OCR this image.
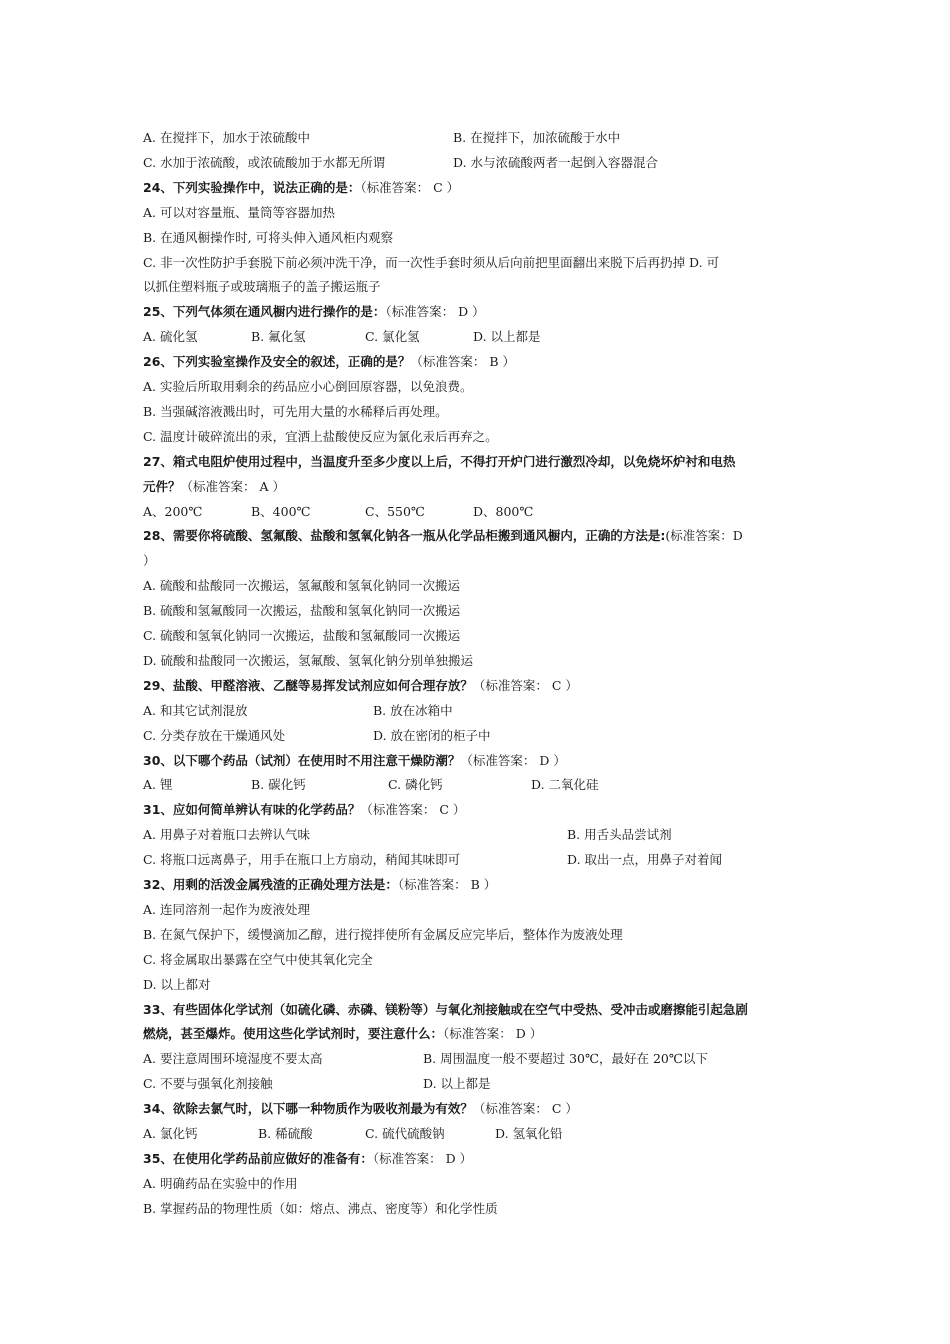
A. 在搅拌下，加水于浓硫酸中	B. 在搅拌下，加浓硫酸于水中
C. 水加于浓硫酸，或浓硫酸加于水都无所谓	D. 水与浓硫酸两者一起倒入容器混合
24、下列实验操作中，说法正确的是：（标准答案： C ）
A. 可以对容量瓶、量筒等容器加热
B. 在通风橱操作时, 可将头伸入通风柜内观察
C. 非一次性防护手套脱下前必须冲洗干净，而一次性手套时须从后向前把里面翻出来脱下后再扔掉 D. 可
以抓住塑料瓶子或玻璃瓶子的盖子搬运瓶子
25、下列气体须在通风橱内进行操作的是：（标准答案： D ）
A. 硫化氢	B. 氟化氢	C. 氯化氢	D. 以上都是
26、下列实验室操作及安全的叙述，正确的是？（标准答案： B ）
A. 实验后所取用剩余的药品应小心倒回原容器，以免浪费。
B. 当强碱溶液溅出时，可先用大量的水稀释后再处理。
C. 温度计破碎流出的汞，宜洒上盐酸使反应为氯化汞后再弃之。
27、箱式电阻炉使用过程中，当温度升至多少度以上后，不得打开炉门进行激烈冷却，以免烧坏炉衬和电热
元件？（标准答案： A ）
A、200℃	B、400℃	C、550℃	D、800℃
28、需要你将硫酸、氢氟酸、盐酸和氢氧化钠各一瓶从化学品柜搬到通风橱内，正确的方法是:(标准答案：D
）
A. 硫酸和盐酸同一次搬运，氢氟酸和氢氧化钠同一次搬运
B. 硫酸和氢氟酸同一次搬运，盐酸和氢氧化钠同一次搬运
C. 硫酸和氢氧化钠同一次搬运，盐酸和氢氟酸同一次搬运
D. 硫酸和盐酸同一次搬运，氢氟酸、氢氧化钠分别单独搬运
29、盐酸、甲醛溶液、乙醚等易挥发试剂应如何合理存放？（标准答案： C ）
A. 和其它试剂混放	B. 放在冰箱中
C. 分类存放在干燥通风处	D. 放在密闭的柜子中
30、以下哪个药品（试剂）在使用时不用注意干燥防潮？（标准答案： D ）
A. 锂	B. 碳化钙	C. 磷化钙	D. 二氧化硅
31、应如何简单辨认有味的化学药品？（标准答案： C ）
A. 用鼻子对着瓶口去辨认气味	B. 用舌头品尝试剂
C. 将瓶口远离鼻子，用手在瓶口上方扇动，稍闻其味即可	D. 取出一点，用鼻子对着闻
32、用剩的活泼金属残渣的正确处理方法是：（标准答案： B ）
A. 连同溶剂一起作为废液处理
B. 在氮气保护下，缓慢滴加乙醇，进行搅拌使所有金属反应完毕后，整体作为废液处理
C. 将金属取出暴露在空气中使其氧化完全
D. 以上都对
33、有些固体化学试剂（如硫化磷、赤磷、镁粉等）与氧化剂接触或在空气中受热、受冲击或磨擦能引起急剧
燃烧，甚至爆炸。使用这些化学试剂时，要注意什么：（标准答案： D ）
A. 要注意周围环境湿度不要太高	B. 周围温度一般不要超过 30℃，最好在 20℃以下
C. 不要与强氧化剂接触	D. 以上都是
34、欲除去氯气时，以下哪一种物质作为吸收剂最为有效？（标准答案： C ）
A. 氯化钙	B. 稀硫酸	C. 硫代硫酸钠	D. 氢氧化铅
35、在使用化学药品前应做好的准备有：（标准答案： D ）
A. 明确药品在实验中的作用
B. 掌握药品的物理性质（如：熔点、沸点、密度等）和化学性质
